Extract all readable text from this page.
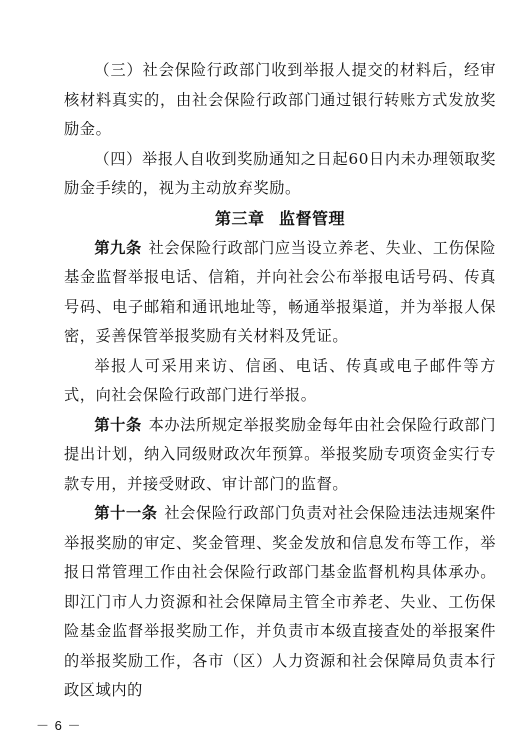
（三）社会保险行政部门收到举报人提交的材料后，经审核材料真实的，由社会保险行政部门通过银行转账方式发放奖励金。

（四）举报人自收到奖励通知之日起60日内未办理领取奖励金手续的，视为主动放弃奖励。

第三章 监督管理

第九条 社会保险行政部门应当设立养老、失业、工伤保险基金监督举报电话、信箱，并向社会公布举报电话号码、传真号码、电子邮箱和通讯地址等，畅通举报渠道，并为举报人保密，妥善保管举报奖励有关材料及凭证。

举报人可采用来访、信函、电话、传真或电子邮件等方式，向社会保险行政部门进行举报。

第十条 本办法所规定举报奖励金每年由社会保险行政部门提出计划，纳入同级财政次年预算。举报奖励专项资金实行专款专用，并接受财政、审计部门的监督。

第十一条 社会保险行政部门负责对社会保险违法违规案件举报奖励的审定、奖金管理、奖金发放和信息发布等工作，举报日常管理工作由社会保险行政部门基金监督机构具体承办。即江门市人力资源和社会保障局主管全市养老、失业、工伤保险基金监督举报奖励工作，并负责市本级直接查处的举报案件的举报奖励工作，各市（区）人力资源和社会保障局负责本行政区域内的

－ 6 －
